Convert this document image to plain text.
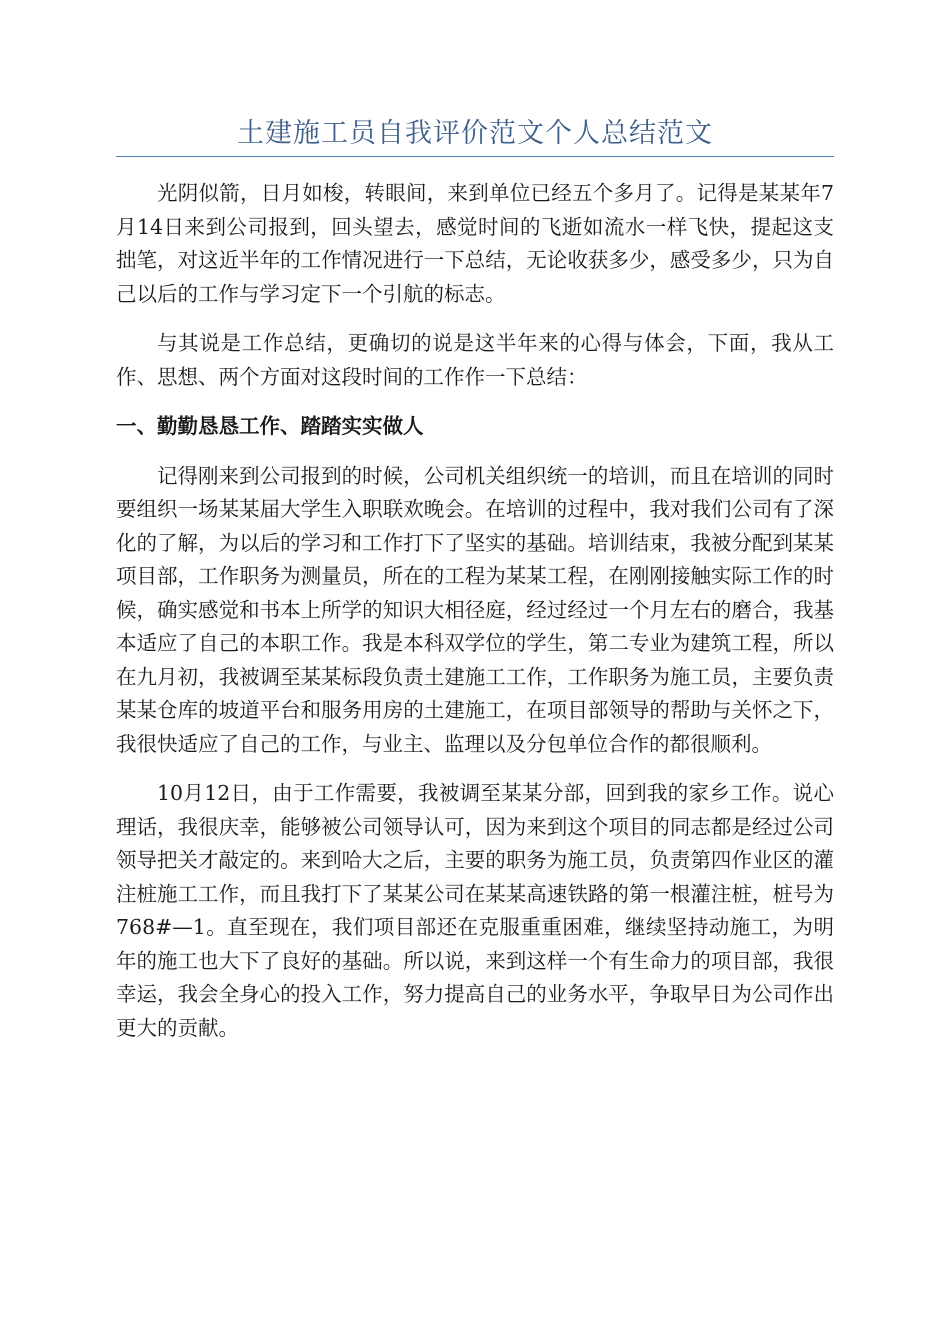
土建施工员自我评价范文个人总结范文

光阴似箭，日月如梭，转眼间，来到单位已经五个多月了。记得是某某年7月14日来到公司报到，回头望去，感觉时间的飞逝如流水一样飞快，提起这支拙笔，对这近半年的工作情况进行一下总结，无论收获多少，感受多少，只为自己以后的工作与学习定下一个引航的标志。

与其说是工作总结，更确切的说是这半年来的心得与体会，下面，我从工作、思想、两个方面对这段时间的工作作一下总结：

一、勤勤恳恳工作、踏踏实实做人

记得刚来到公司报到的时候，公司机关组织统一的培训，而且在培训的同时要组织一场某某届大学生入职联欢晚会。在培训的过程中，我对我们公司有了深化的了解，为以后的学习和工作打下了坚实的基础。培训结束，我被分配到某某项目部，工作职务为测量员，所在的工程为某某工程，在刚刚接触实际工作的时候，确实感觉和书本上所学的知识大相径庭，经过经过一个月左右的磨合，我基本适应了自己的本职工作。我是本科双学位的学生，第二专业为建筑工程，所以在九月初，我被调至某某标段负责土建施工工作，工作职务为施工员，主要负责某某仓库的坡道平台和服务用房的土建施工，在项目部领导的帮助与关怀之下，我很快适应了自己的工作，与业主、监理以及分包单位合作的都很顺利。

10月12日，由于工作需要，我被调至某某分部，回到我的家乡工作。说心理话，我很庆幸，能够被公司领导认可，因为来到这个项目的同志都是经过公司领导把关才敲定的。来到哈大之后，主要的职务为施工员，负责第四作业区的灌注桩施工工作，而且我打下了某某公司在某某高速铁路的第一根灌注桩，桩号为768#—1。直至现在，我们项目部还在克服重重困难，继续坚持动施工，为明年的施工也大下了良好的基础。所以说，来到这样一个有生命力的项目部，我很幸运，我会全身心的投入工作，努力提高自己的业务水平，争取早日为公司作出更大的贡献。
